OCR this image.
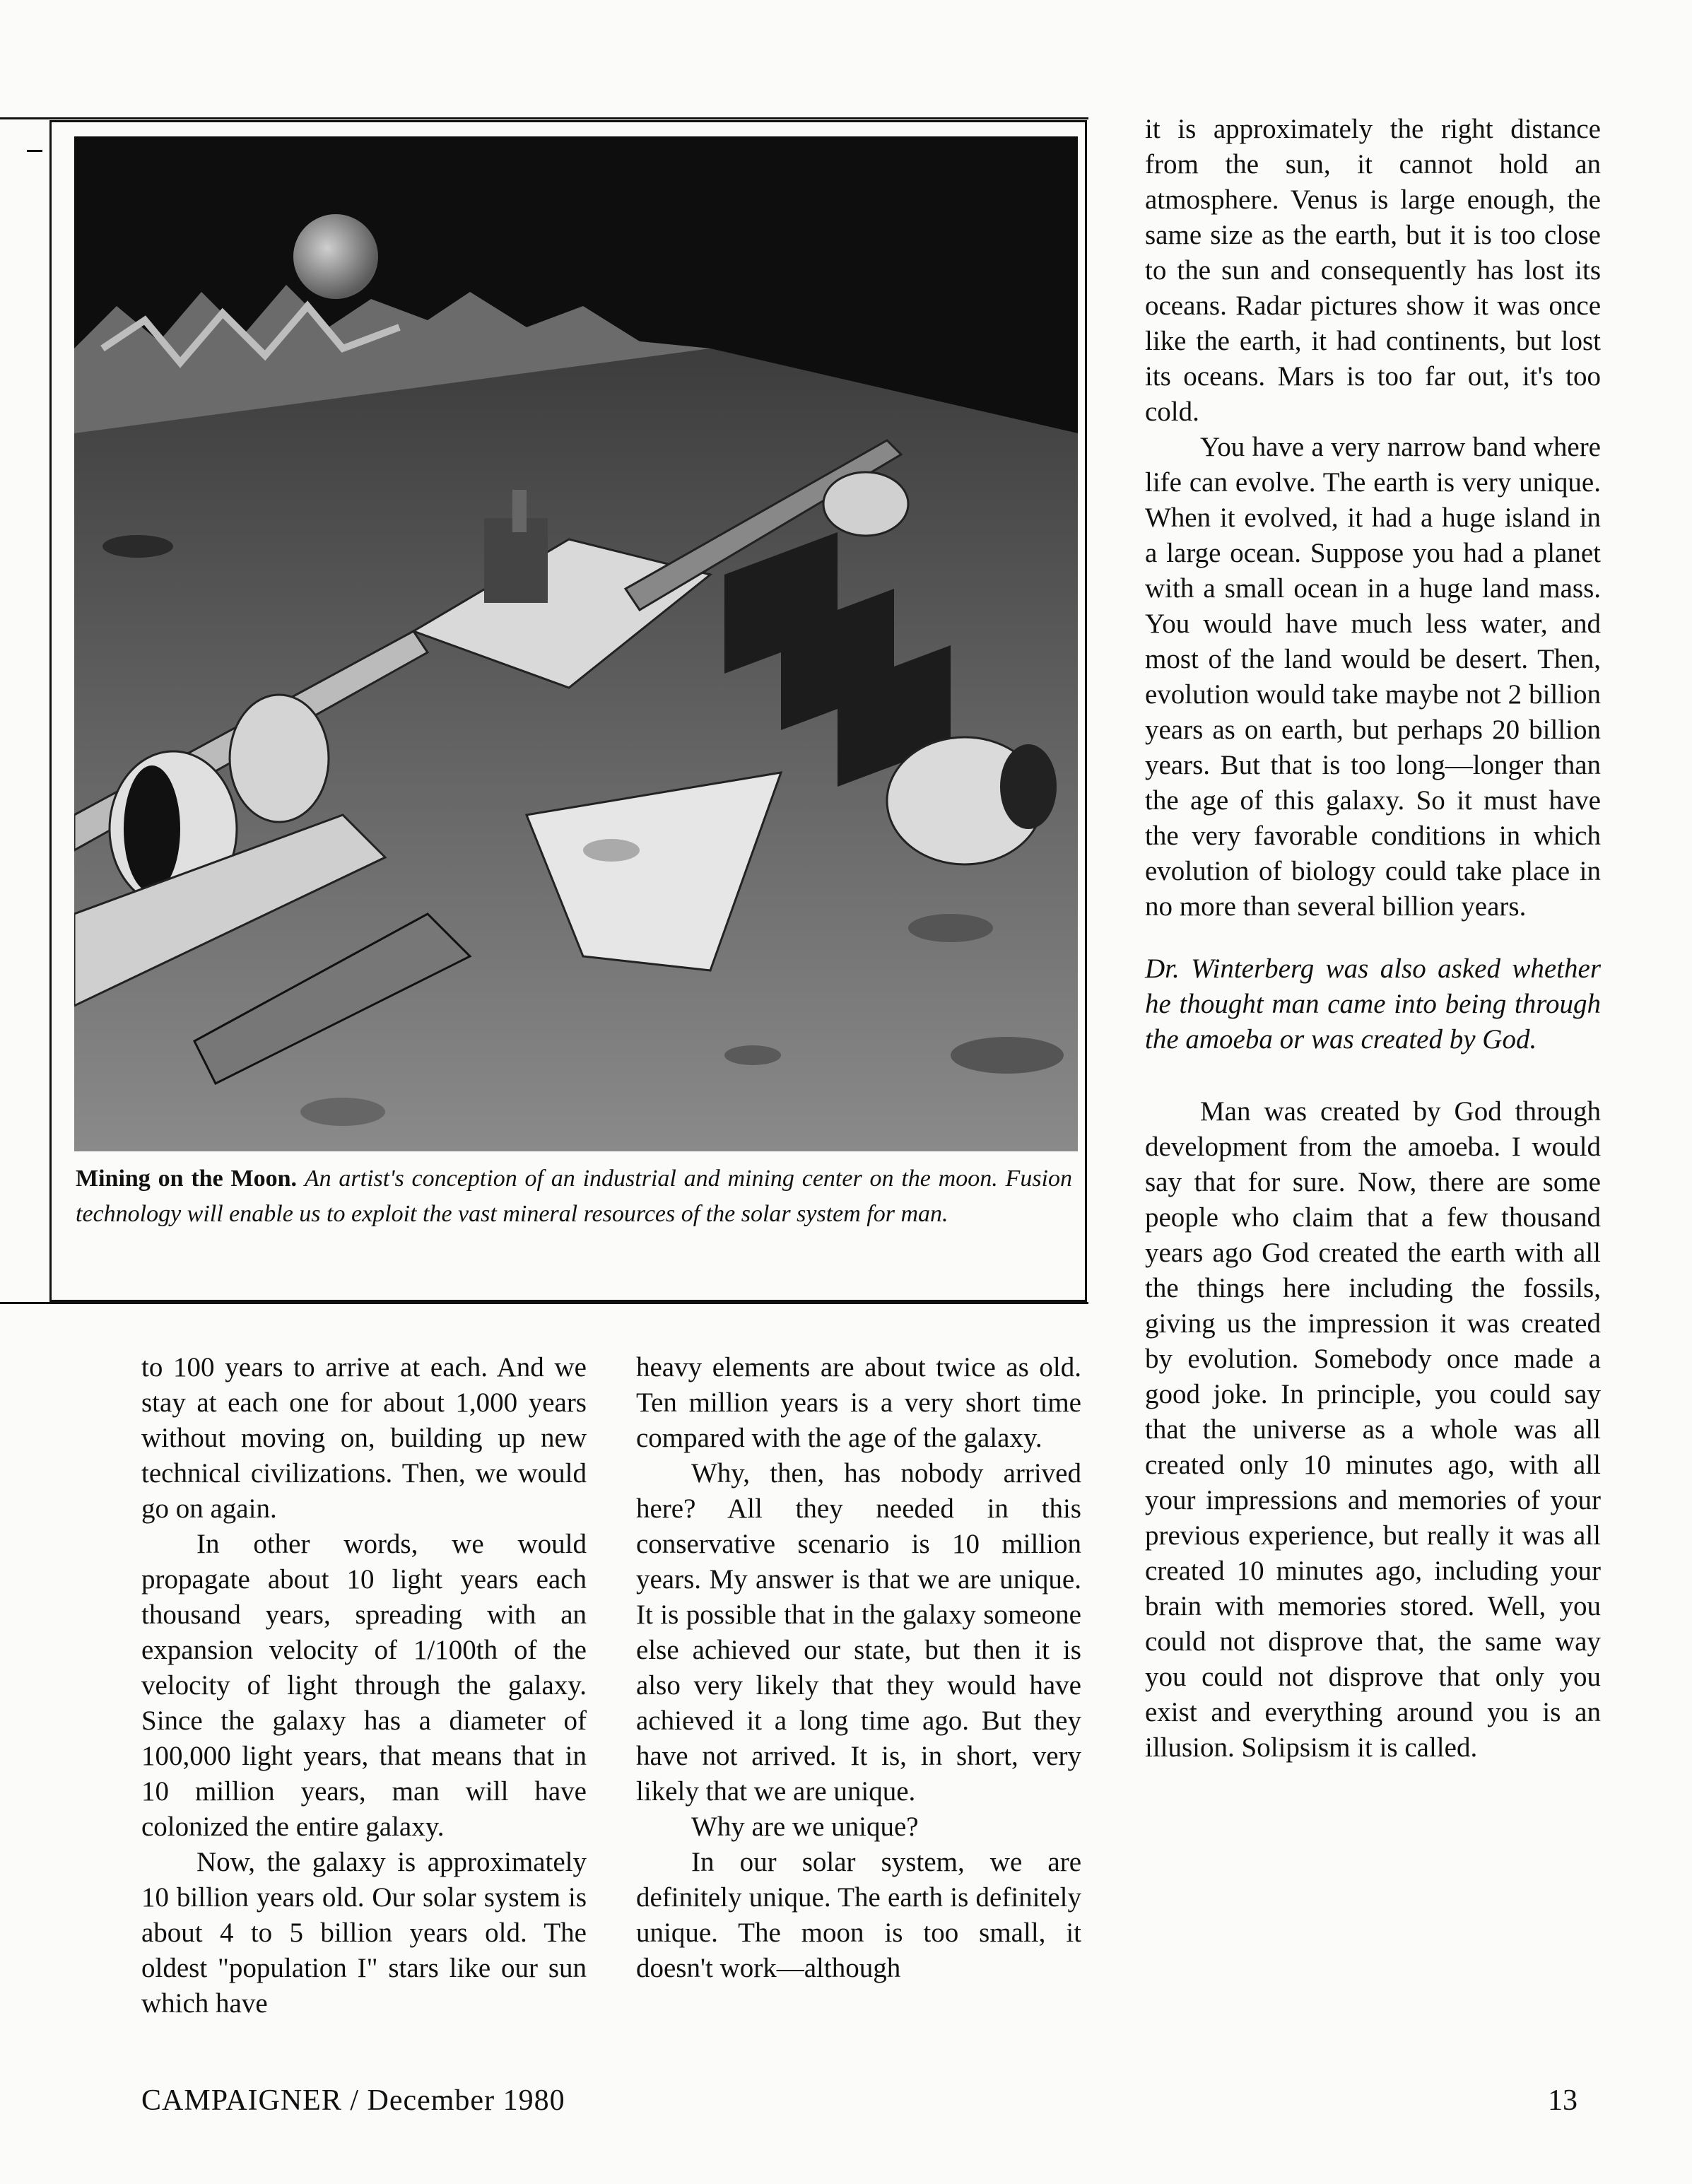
Mining on the Moon. An artist's conception of an industrial and mining center on the moon. Fusion technology will enable us to exploit the vast mineral resources of the solar system for man.

it is approximately the right distance from the sun, it cannot hold an atmosphere. Venus is large enough, the same size as the earth, but it is too close to the sun and consequently has lost its oceans. Radar pictures show it was once like the earth, it had continents, but lost its oceans. Mars is too far out, it's too cold.

You have a very narrow band where life can evolve. The earth is very unique. When it evolved, it had a huge island in a large ocean. Suppose you had a planet with a small ocean in a huge land mass. You would have much less water, and most of the land would be desert. Then, evolution would take maybe not 2 billion years as on earth, but perhaps 20 billion years. But that is too long—longer than the age of this galaxy. So it must have the very favorable conditions in which evolution of biology could take place in no more than several billion years.

Dr. Winterberg was also asked whether he thought man came into being through the amoeba or was created by God.

Man was created by God through development from the amoeba. I would say that for sure. Now, there are some people who claim that a few thousand years ago God created the earth with all the things here including the fossils, giving us the impression it was created by evolution. Somebody once made a good joke. In principle, you could say that the universe as a whole was all created only 10 minutes ago, with all your impressions and memories of your previous experience, but really it was all created 10 minutes ago, including your brain with memories stored. Well, you could not disprove that, the same way you could not disprove that only you exist and everything around you is an illusion. Solipsism it is called.

to 100 years to arrive at each. And we stay at each one for about 1,000 years without moving on, building up new technical civilizations. Then, we would go on again.

In other words, we would propagate about 10 light years each thousand years, spreading with an expansion velocity of 1/100th of the velocity of light through the galaxy. Since the galaxy has a diameter of 100,000 light years, that means that in 10 million years, man will have colonized the entire galaxy.

Now, the galaxy is approximately 10 billion years old. Our solar system is about 4 to 5 billion years old. The oldest "population I" stars like our sun which have

heavy elements are about twice as old. Ten million years is a very short time compared with the age of the galaxy.

Why, then, has nobody arrived here? All they needed in this conservative scenario is 10 million years. My answer is that we are unique. It is possible that in the galaxy someone else achieved our state, but then it is also very likely that they would have achieved it a long time ago. But they have not arrived. It is, in short, very likely that we are unique.

Why are we unique?

In our solar system, we are definitely unique. The earth is definitely unique. The moon is too small, it doesn't work—although

CAMPAIGNER / December 1980	13
